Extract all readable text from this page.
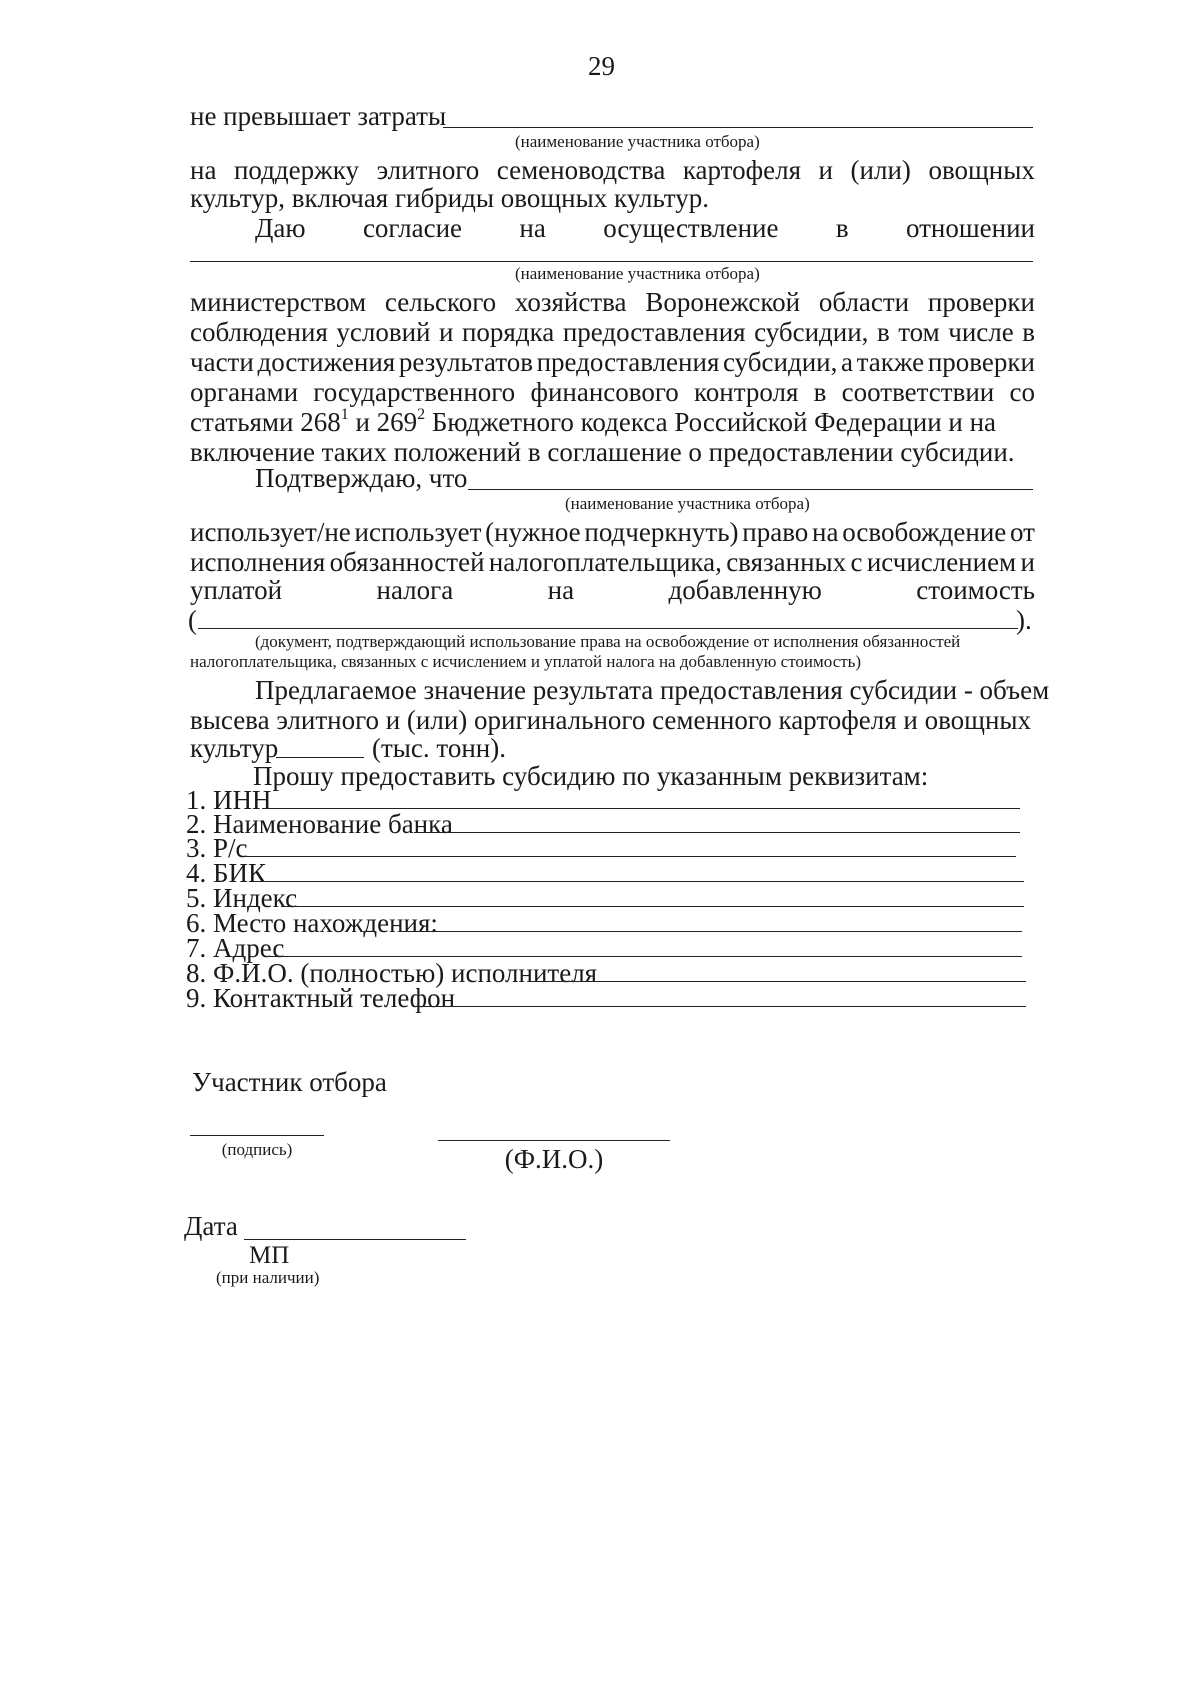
29
не превышает затраты
(наименование участника отбора)
на поддержку элитного семеноводства картофеля и (или) овощных
культур, включая гибриды овощных культур.
Даю согласие на осуществление в отношении
(наименование участника отбора)
министерством сельского хозяйства Воронежской области проверки
соблюдения условий и порядка предоставления субсидии, в том числе в
части достижения результатов предоставления субсидии, а также проверки
органами государственного финансового контроля в соответствии со
статьями $268^1$ и $269^2$ Бюджетного кодекса Российской Федерации и на
включение таких положений в соглашение о предоставлении субсидии.
Подтверждаю, что
(наименование участника отбора)
использует/не использует (нужное подчеркнуть) право на освобождение от
исполнения обязанностей налогоплательщика, связанных с исчислением и
уплатой	налога	на	добавленную	стоимость
(	).
(документ, подтверждающий использование права на освобождение от исполнения обязанностей
налогоплательщика, связанных с исчислением и уплатой налога на добавленную стоимость)
Предлагаемое значение результата предоставления субсидии - объем
высева элитного и (или) оригинального семенного картофеля и овощных
культур	(тыс. тонн).
Прошу предоставить субсидию по указанным реквизитам:
1. ИНН
2. Наименование банка
3. Р/с
4. БИК
5. Индекс
6. Место нахождения:
7. Адрес
8. Ф.И.О. (полностью) исполнителя
9. Контактный телефон
Участник отбора
(подпись)	(Ф.И.О.)
Дата
МП
(при наличии)
